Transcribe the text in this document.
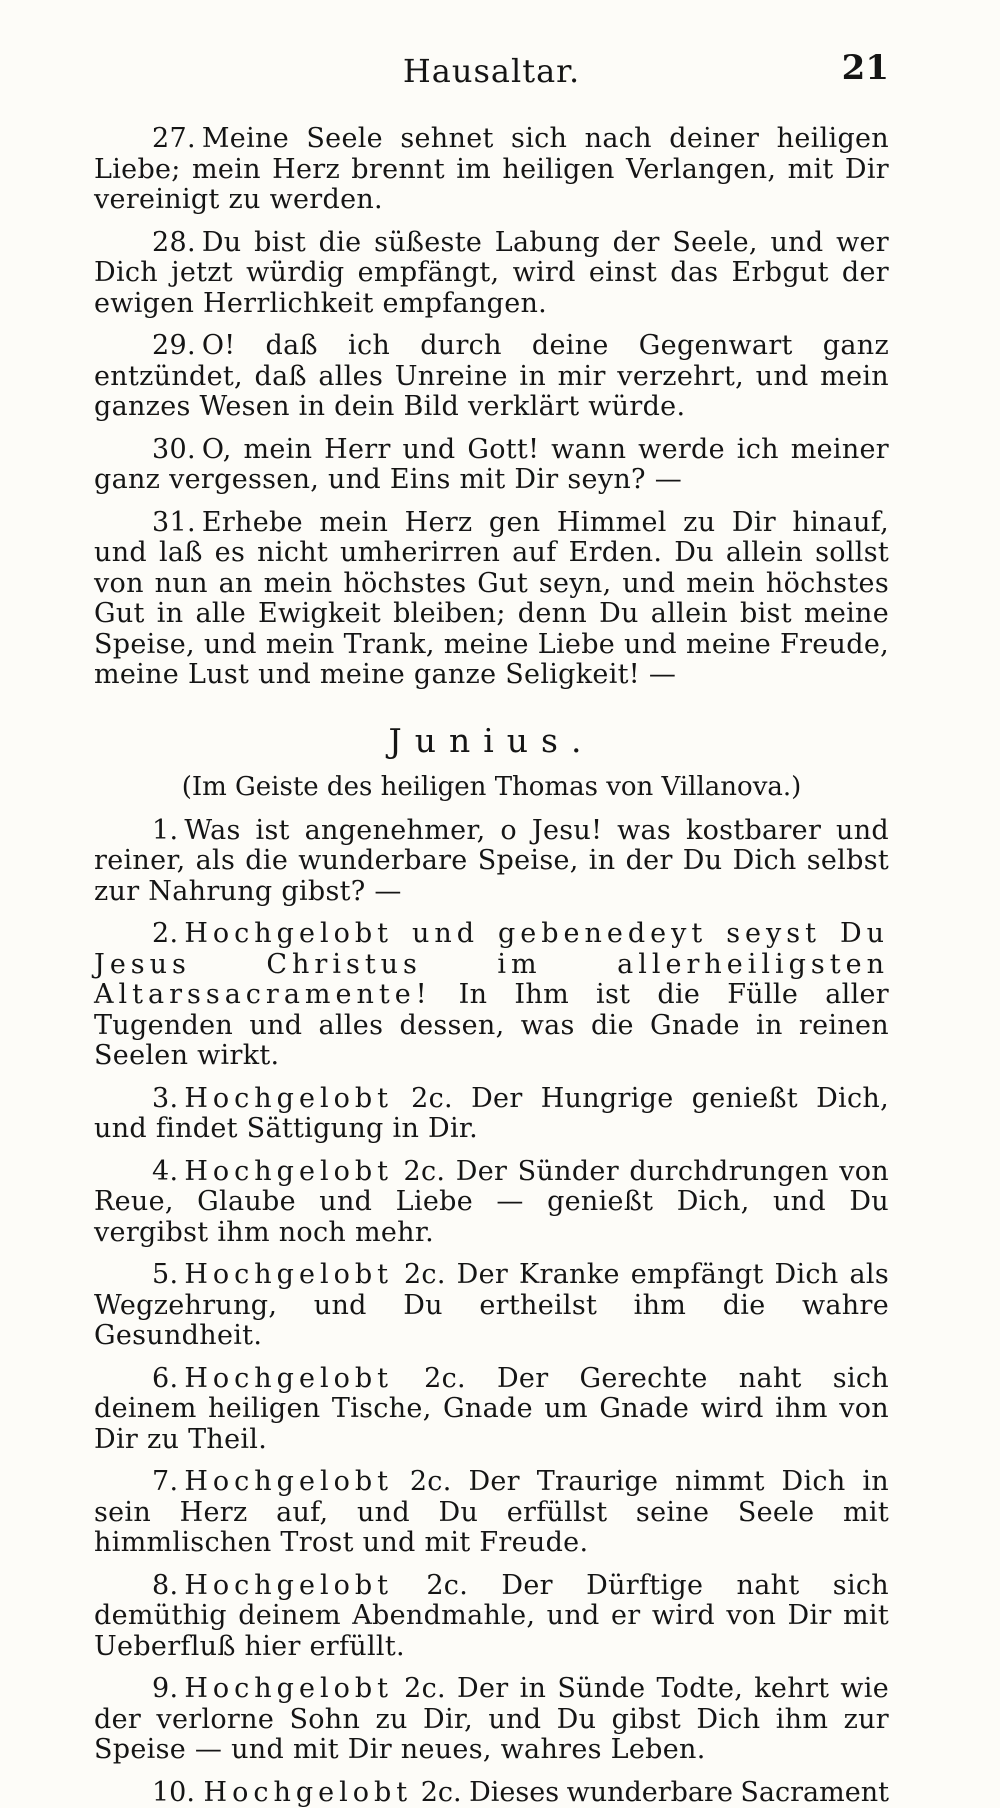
Hausaltar.	21

27. Meine Seele sehnet sich nach deiner heiligen Liebe; mein Herz brennt im heiligen Verlangen, mit Dir vereinigt zu werden.

28. Du bist die süßeste Labung der Seele, und wer Dich jetzt würdig empfängt, wird einst das Erbgut der ewigen Herrlichkeit empfangen.

29. O! daß ich durch deine Gegenwart ganz entzündet, daß alles Unreine in mir verzehrt, und mein ganzes Wesen in dein Bild verklärt würde.

30. O, mein Herr und Gott! wann werde ich meiner ganz vergessen, und Eins mit Dir seyn? —

31. Erhebe mein Herz gen Himmel zu Dir hinauf, und laß es nicht umherirren auf Erden. Du allein sollst von nun an mein höchstes Gut seyn, und mein höchstes Gut in alle Ewigkeit bleiben; denn Du allein bist meine Speise, und mein Trank, meine Liebe und meine Freude, meine Lust und meine ganze Seligkeit! —

Junius.
(Im Geiste des heiligen Thomas von Villanova.)

1. Was ist angenehmer, o Jesu! was kostbarer und reiner, als die wunderbare Speise, in der Du Dich selbst zur Nahrung gibst? —

2. Hochgelobt und gebenedeyt seyst Du Jesus Christus im allerheiligsten Altarssacramente! In Ihm ist die Fülle aller Tugenden und alles dessen, was die Gnade in reinen Seelen wirkt.

3. Hochgelobt 2c. Der Hungrige genießt Dich, und findet Sättigung in Dir.

4. Hochgelobt 2c. Der Sünder durchdrungen von Reue, Glaube und Liebe — genießt Dich, und Du vergibst ihm noch mehr.

5. Hochgelobt 2c. Der Kranke empfängt Dich als Wegzehrung, und Du ertheilst ihm die wahre Gesundheit.

6. Hochgelobt 2c. Der Gerechte naht sich deinem heiligen Tische, Gnade um Gnade wird ihm von Dir zu Theil.

7. Hochgelobt 2c. Der Traurige nimmt Dich in sein Herz auf, und Du erfüllst seine Seele mit himmlischen Trost und mit Freude.

8. Hochgelobt 2c. Der Dürftige naht sich demüthig deinem Abendmahle, und er wird von Dir mit Ueberfluß hier erfüllt.

9. Hochgelobt 2c. Der in Sünde Todte, kehrt wie der verlorne Sohn zu Dir, und Du gibst Dich ihm zur Speise — und mit Dir neues, wahres Leben.

10. Hochgelobt 2c. Dieses wunderbare Sacrament
